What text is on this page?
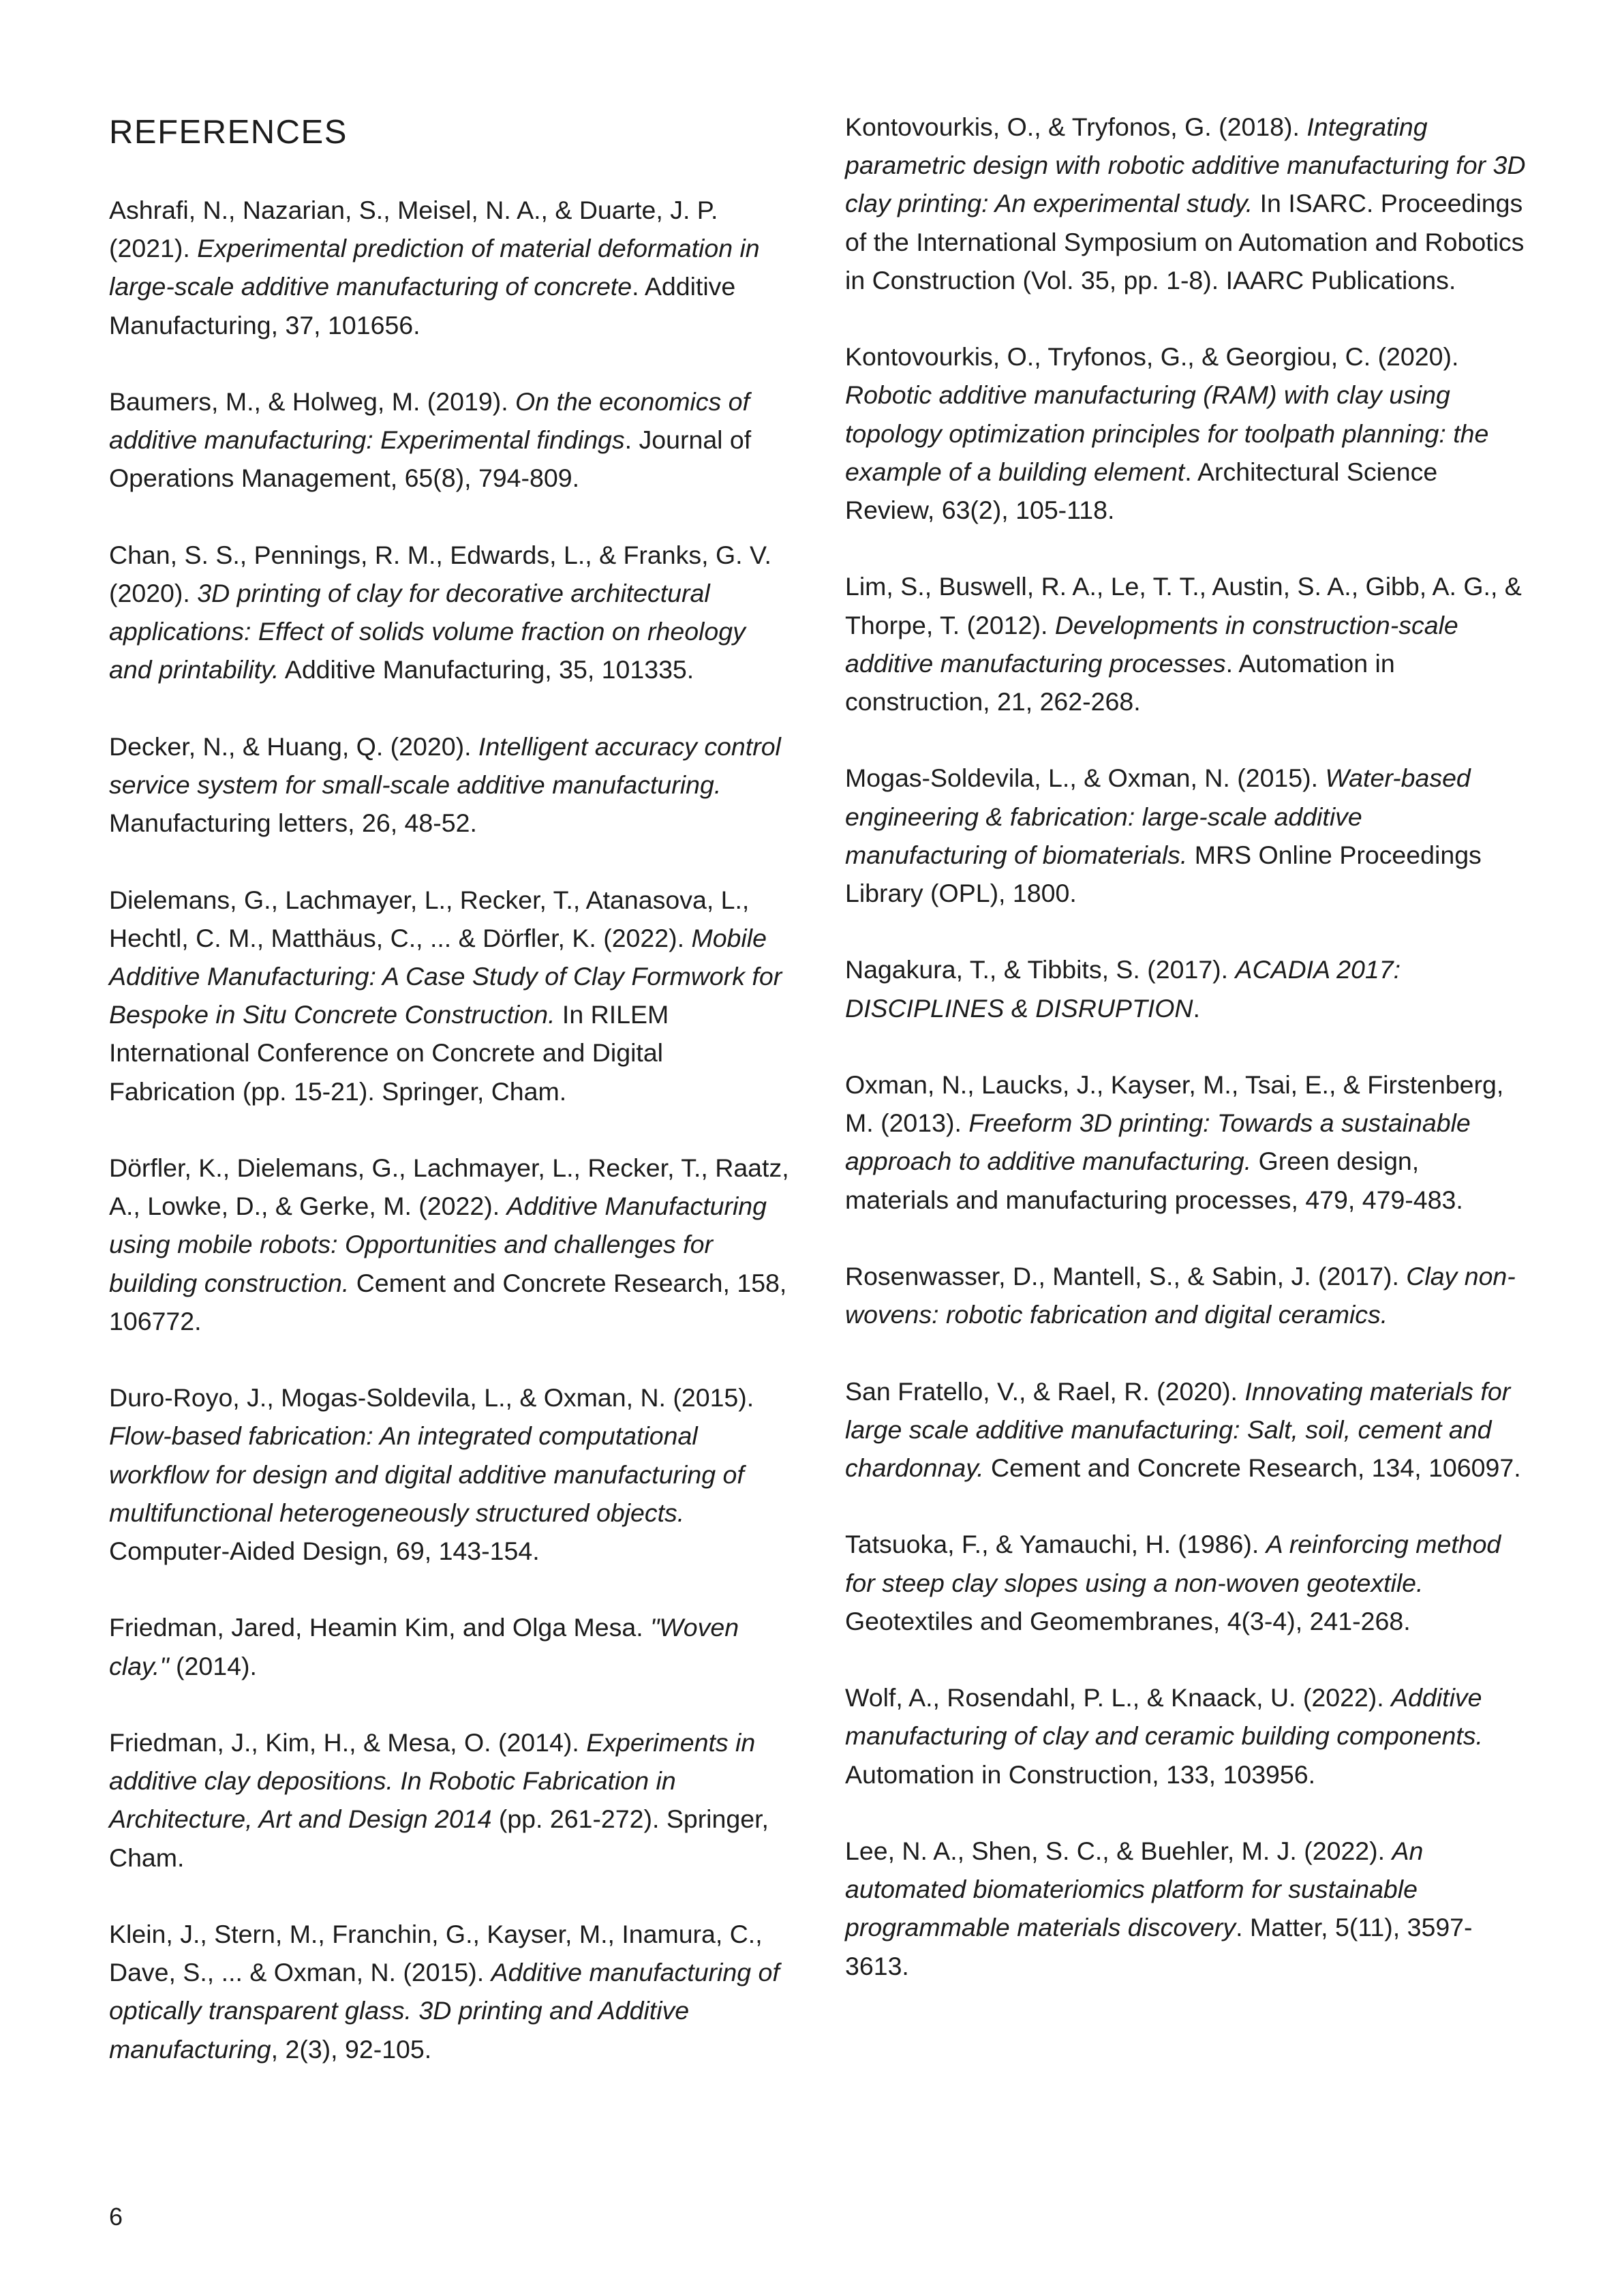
REFERENCES

Ashrafi, N., Nazarian, S., Meisel, N. A., & Duarte, J. P. (2021). Experimental prediction of material deformation in large-scale additive manufacturing of concrete. Additive Manufacturing, 37, 101656.

Baumers, M., & Holweg, M. (2019). On the economics of additive manufacturing: Experimental findings. Journal of Operations Management, 65(8), 794-809.

Chan, S. S., Pennings, R. M., Edwards, L., & Franks, G. V. (2020). 3D printing of clay for decorative architectural applications: Effect of solids volume fraction on rheology and printability. Additive Manufacturing, 35, 101335.

Decker, N., & Huang, Q. (2020). Intelligent accuracy control service system for small-scale additive manufacturing. Manufacturing letters, 26, 48-52.

Dielemans, G., Lachmayer, L., Recker, T., Atanasova, L., Hechtl, C. M., Matthäus, C., ... & Dörfler, K. (2022). Mobile Additive Manufacturing: A Case Study of Clay Formwork for Bespoke in Situ Concrete Construction. In RILEM International Conference on Concrete and Digital Fabrication (pp. 15-21). Springer, Cham.

Dörfler, K., Dielemans, G., Lachmayer, L., Recker, T., Raatz, A., Lowke, D., & Gerke, M. (2022). Additive Manufacturing using mobile robots: Opportunities and challenges for building construction. Cement and Concrete Research, 158, 106772.

Duro-Royo, J., Mogas-Soldevila, L., & Oxman, N. (2015). Flow-based fabrication: An integrated computational workflow for design and digital additive manufacturing of multifunctional heterogeneously structured objects. Computer-Aided Design, 69, 143-154.

Friedman, Jared, Heamin Kim, and Olga Mesa. "Woven clay." (2014).

Friedman, J., Kim, H., & Mesa, O. (2014). Experiments in additive clay depositions. In Robotic Fabrication in Architecture, Art and Design 2014 (pp. 261-272). Springer, Cham.

Klein, J., Stern, M., Franchin, G., Kayser, M., Inamura, C., Dave, S., ... & Oxman, N. (2015). Additive manufacturing of optically transparent glass. 3D printing and Additive manufacturing, 2(3), 92-105.

Kontovourkis, O., & Tryfonos, G. (2018). Integrating parametric design with robotic additive manufacturing for 3D clay printing: An experimental study. In ISARC. Proceedings of the International Symposium on Automation and Robotics in Construction (Vol. 35, pp. 1-8). IAARC Publications.

Kontovourkis, O., Tryfonos, G., & Georgiou, C. (2020). Robotic additive manufacturing (RAM) with clay using topology optimization principles for toolpath planning: the example of a building element. Architectural Science Review, 63(2), 105-118.

Lim, S., Buswell, R. A., Le, T. T., Austin, S. A., Gibb, A. G., & Thorpe, T. (2012). Developments in construction-scale additive manufacturing processes. Automation in construction, 21, 262-268.

Mogas-Soldevila, L., & Oxman, N. (2015). Water-based engineering & fabrication: large-scale additive manufacturing of biomaterials. MRS Online Proceedings Library (OPL), 1800.

Nagakura, T., & Tibbits, S. (2017). ACADIA 2017: DISCIPLINES & DISRUPTION.

Oxman, N., Laucks, J., Kayser, M., Tsai, E., & Firstenberg, M. (2013). Freeform 3D printing: Towards a sustainable approach to additive manufacturing. Green design, materials and manufacturing processes, 479, 479-483.

Rosenwasser, D., Mantell, S., & Sabin, J. (2017). Clay non-wovens: robotic fabrication and digital ceramics.

San Fratello, V., & Rael, R. (2020). Innovating materials for large scale additive manufacturing: Salt, soil, cement and chardonnay. Cement and Concrete Research, 134, 106097.

Tatsuoka, F., & Yamauchi, H. (1986). A reinforcing method for steep clay slopes using a non-woven geotextile. Geotextiles and Geomembranes, 4(3-4), 241-268.

Wolf, A., Rosendahl, P. L., & Knaack, U. (2022). Additive manufacturing of clay and ceramic building components. Automation in Construction, 133, 103956.

Lee, N. A., Shen, S. C., & Buehler, M. J. (2022). An automated biomateriomics platform for sustainable programmable materials discovery. Matter, 5(11), 3597-3613.

6
